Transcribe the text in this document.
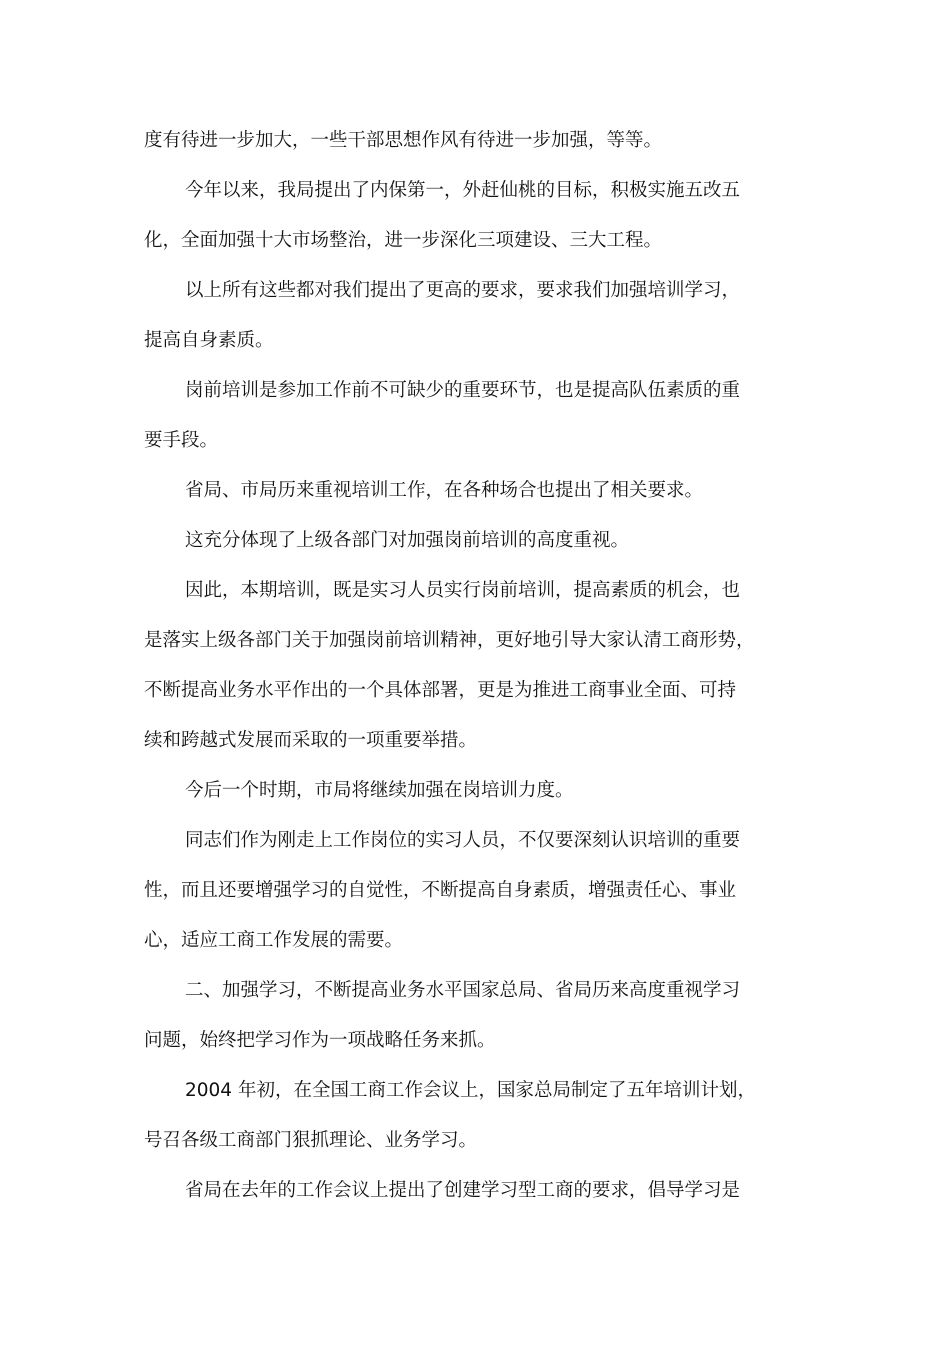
度有待进一步加大，一些干部思想作风有待进一步加强，等等。
今年以来，我局提出了内保第一，外赶仙桃的目标，积极实施五改五
化，全面加强十大市场整治，进一步深化三项建设、三大工程。
以上所有这些都对我们提出了更高的要求，要求我们加强培训学习，
提高自身素质。
岗前培训是参加工作前不可缺少的重要环节，也是提高队伍素质的重
要手段。
省局、市局历来重视培训工作，在各种场合也提出了相关要求。
这充分体现了上级各部门对加强岗前培训的高度重视。
因此，本期培训，既是实习人员实行岗前培训，提高素质的机会，也
是落实上级各部门关于加强岗前培训精神，更好地引导大家认清工商形势，
不断提高业务水平作出的一个具体部署，更是为推进工商事业全面、可持
续和跨越式发展而采取的一项重要举措。
今后一个时期，市局将继续加强在岗培训力度。
同志们作为刚走上工作岗位的实习人员，不仅要深刻认识培训的重要
性，而且还要增强学习的自觉性，不断提高自身素质，增强责任心、事业
心，适应工商工作发展的需要。
二、加强学习，不断提高业务水平国家总局、省局历来高度重视学习
问题，始终把学习作为一项战略任务来抓。
2004 年初，在全国工商工作会议上，国家总局制定了五年培训计划，
号召各级工商部门狠抓理论、业务学习。
省局在去年的工作会议上提出了创建学习型工商的要求，倡导学习是
